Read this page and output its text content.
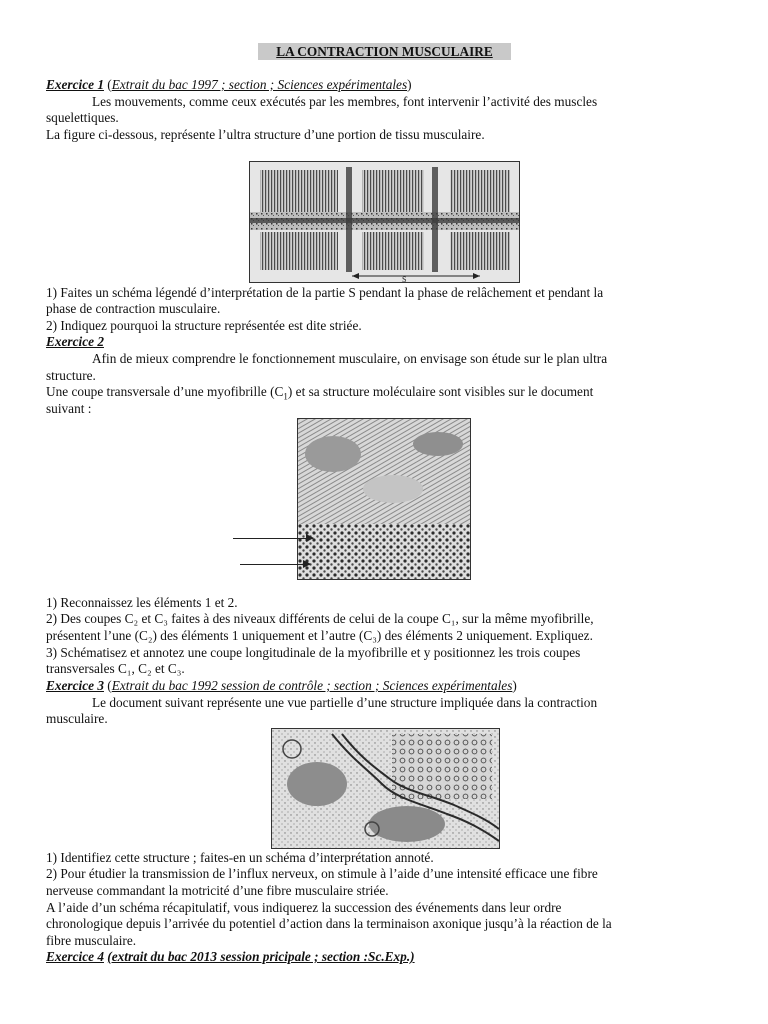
LA CONTRACTION MUSCULAIRE
Exercice 1 (Extrait du bac 1997 ; section ; Sciences expérimentales)
Les mouvements, comme ceux exécutés par les membres, font intervenir l’activité des muscles
squelettiques.
La figure ci-dessous, représente l’ultra structure d’une portion de tissu musculaire.
S
1) Faites un schéma légendé d’interprétation de la partie S pendant la phase de relâchement et pendant la
phase de contraction musculaire.
2) Indiquez pourquoi la structure représentée est dite striée.
Exercice 2
Afin de mieux comprendre le fonctionnement musculaire, on envisage son étude sur le plan ultra
structure.
Une coupe transversale d’une myofibrille $(C_1)$ et sa structure moléculaire sont visibles sur le document
suivant :
1) Reconnaissez les éléments 1 et 2.
2) Des coupes C₂ et C₃ faites à des niveaux différents de celui de la coupe C₁, sur la même myofibrille,
présentent l’une (C₂) des éléments 1 uniquement et l’autre (C₃) des éléments 2 uniquement. Expliquez.
3) Schématisez et annotez une coupe longitudinale de la myofibrille et y positionnez les trois coupes
transversales C₁, C₂ et C₃.
Exercice 3 (Extrait du bac 1992 session de contrôle ; section ; Sciences expérimentales)
Le document suivant représente une vue partielle d’une structure impliquée dans la contraction
musculaire.
1) Identifiez cette structure ; faites-en un schéma d’interprétation annoté.
2) Pour étudier la transmission de l’influx nerveux, on stimule à l’aide d’une intensité efficace une fibre
nerveuse commandant la motricité d’une fibre musculaire striée.
A l’aide d’un schéma récapitulatif, vous indiquerez la succession des événements dans leur ordre
chronologique depuis l’arrivée du potentiel d’action dans la terminaison axonique jusqu’à la réaction de la
fibre musculaire.
Exercice 4 (extrait du bac 2013 session pricipale ; section :Sc.Exp.)
